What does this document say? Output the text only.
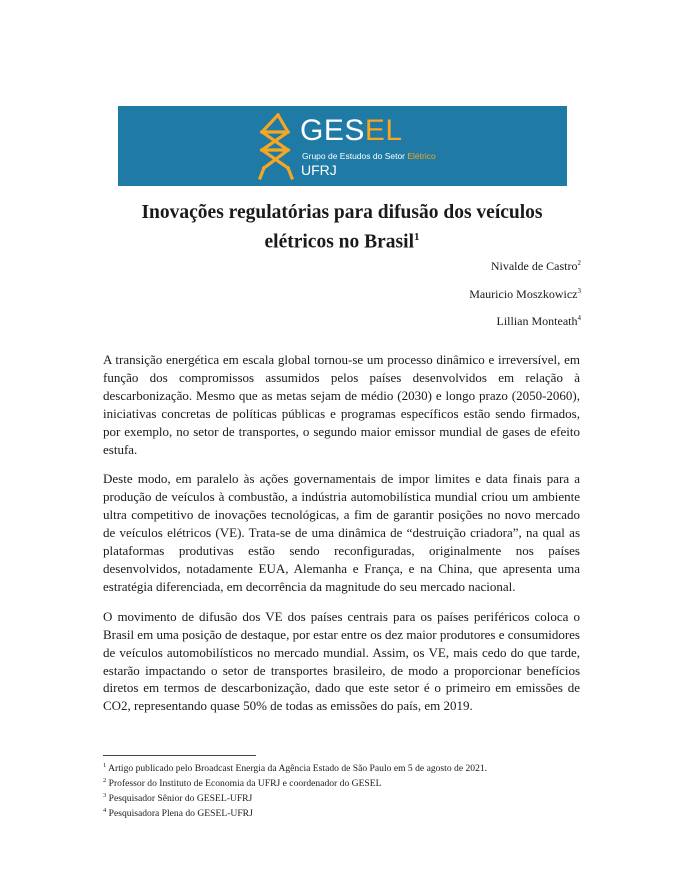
GESEL
Grupo de Estudos do Setor Elétrico
UFRJ
Inovações regulatórias para difusão dos veículos
elétricos no Brasil$^1$
Nivalde de Castro$^2$
Mauricio Moszkowicz$^3$
Lillian Monteath$^4$

A transição energética em escala global tornou-se um processo dinâmico e irreversível, em função dos compromissos assumidos pelos países desenvolvidos em relação à descarbonização. Mesmo que as metas sejam de médio (2030) e longo prazo (2050-2060), iniciativas concretas de políticas públicas e programas específicos estão sendo firmados, por exemplo, no setor de transportes, o segundo maior emissor mundial de gases de efeito estufa.

Deste modo, em paralelo às ações governamentais de impor limites e data finais para a produção de veículos à combustão, a indústria automobilística mundial criou um ambiente ultra competitivo de inovações tecnológicas, a fim de garantir posições no novo mercado de veículos elétricos (VE). Trata-se de uma dinâmica de “destruição criadora”, na qual as plataformas produtivas estão sendo reconfiguradas, originalmente nos países desenvolvidos, notadamente EUA, Alemanha e França, e na China, que apresenta uma estratégia diferenciada, em decorrência da magnitude do seu mercado nacional.

O movimento de difusão dos VE dos países centrais para os países periféricos coloca o Brasil em uma posição de destaque, por estar entre os dez maior produtores e consumidores de veículos automobilísticos no mercado mundial. Assim, os VE, mais cedo do que tarde, estarão impactando o setor de transportes brasileiro, de modo a proporcionar benefícios diretos em termos de descarbonização, dado que este setor é o primeiro em emissões de CO2, representando quase 50% de todas as emissões do país, em 2019.

$^1$ Artigo publicado pelo Broadcast Energia da Agência Estado de São Paulo em 5 de agosto de 2021.
$^2$ Professor do Instituto de Economia da UFRJ e coordenador do GESEL
$^3$ Pesquisador Sênior do GESEL-UFRJ
$^4$ Pesquisadora Plena do GESEL-UFRJ
